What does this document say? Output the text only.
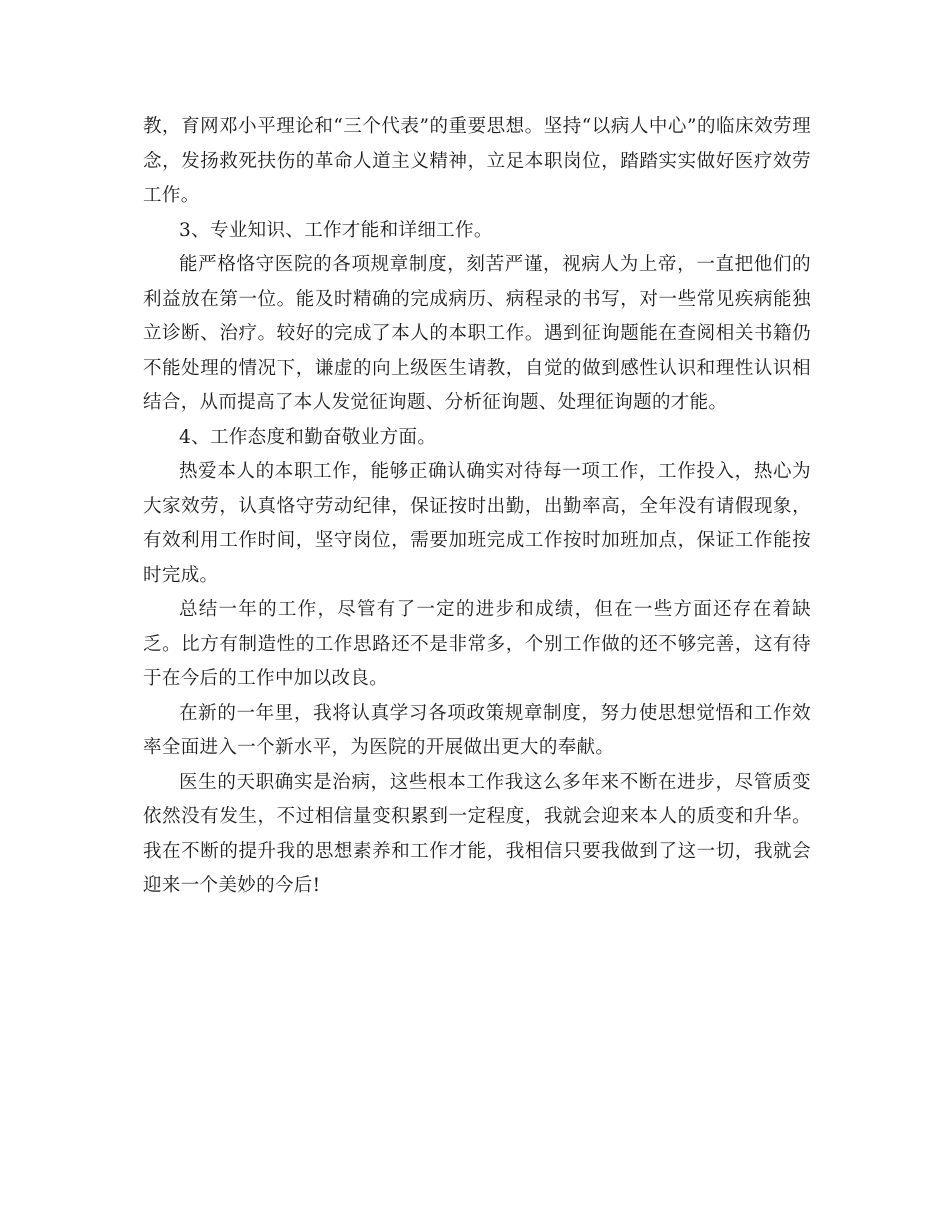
教，育网邓小平理论和“三个代表”的重要思想。坚持“以病人中心”的临床效劳理念，发扬救死扶伤的革命人道主义精神，立足本职岗位，踏踏实实做好医疗效劳工作。

3、专业知识、工作才能和详细工作。

能严格恪守医院的各项规章制度，刻苦严谨，视病人为上帝，一直把他们的利益放在第一位。能及时精确的完成病历、病程录的书写，对一些常见疾病能独立诊断、治疗。较好的完成了本人的本职工作。遇到征询题能在查阅相关书籍仍不能处理的情况下，谦虚的向上级医生请教，自觉的做到感性认识和理性认识相结合，从而提高了本人发觉征询题、分析征询题、处理征询题的才能。

4、工作态度和勤奋敬业方面。

热爱本人的本职工作，能够正确认确实对待每一项工作，工作投入，热心为大家效劳，认真恪守劳动纪律，保证按时出勤，出勤率高，全年没有请假现象，有效利用工作时间，坚守岗位，需要加班完成工作按时加班加点，保证工作能按时完成。

总结一年的工作，尽管有了一定的进步和成绩，但在一些方面还存在着缺乏。比方有制造性的工作思路还不是非常多，个别工作做的还不够完善，这有待于在今后的工作中加以改良。

在新的一年里，我将认真学习各项政策规章制度，努力使思想觉悟和工作效率全面进入一个新水平，为医院的开展做出更大的奉献。

医生的天职确实是治病，这些根本工作我这么多年来不断在进步，尽管质变依然没有发生，不过相信量变积累到一定程度，我就会迎来本人的质变和升华。我在不断的提升我的思想素养和工作才能，我相信只要我做到了这一切，我就会迎来一个美妙的今后!
